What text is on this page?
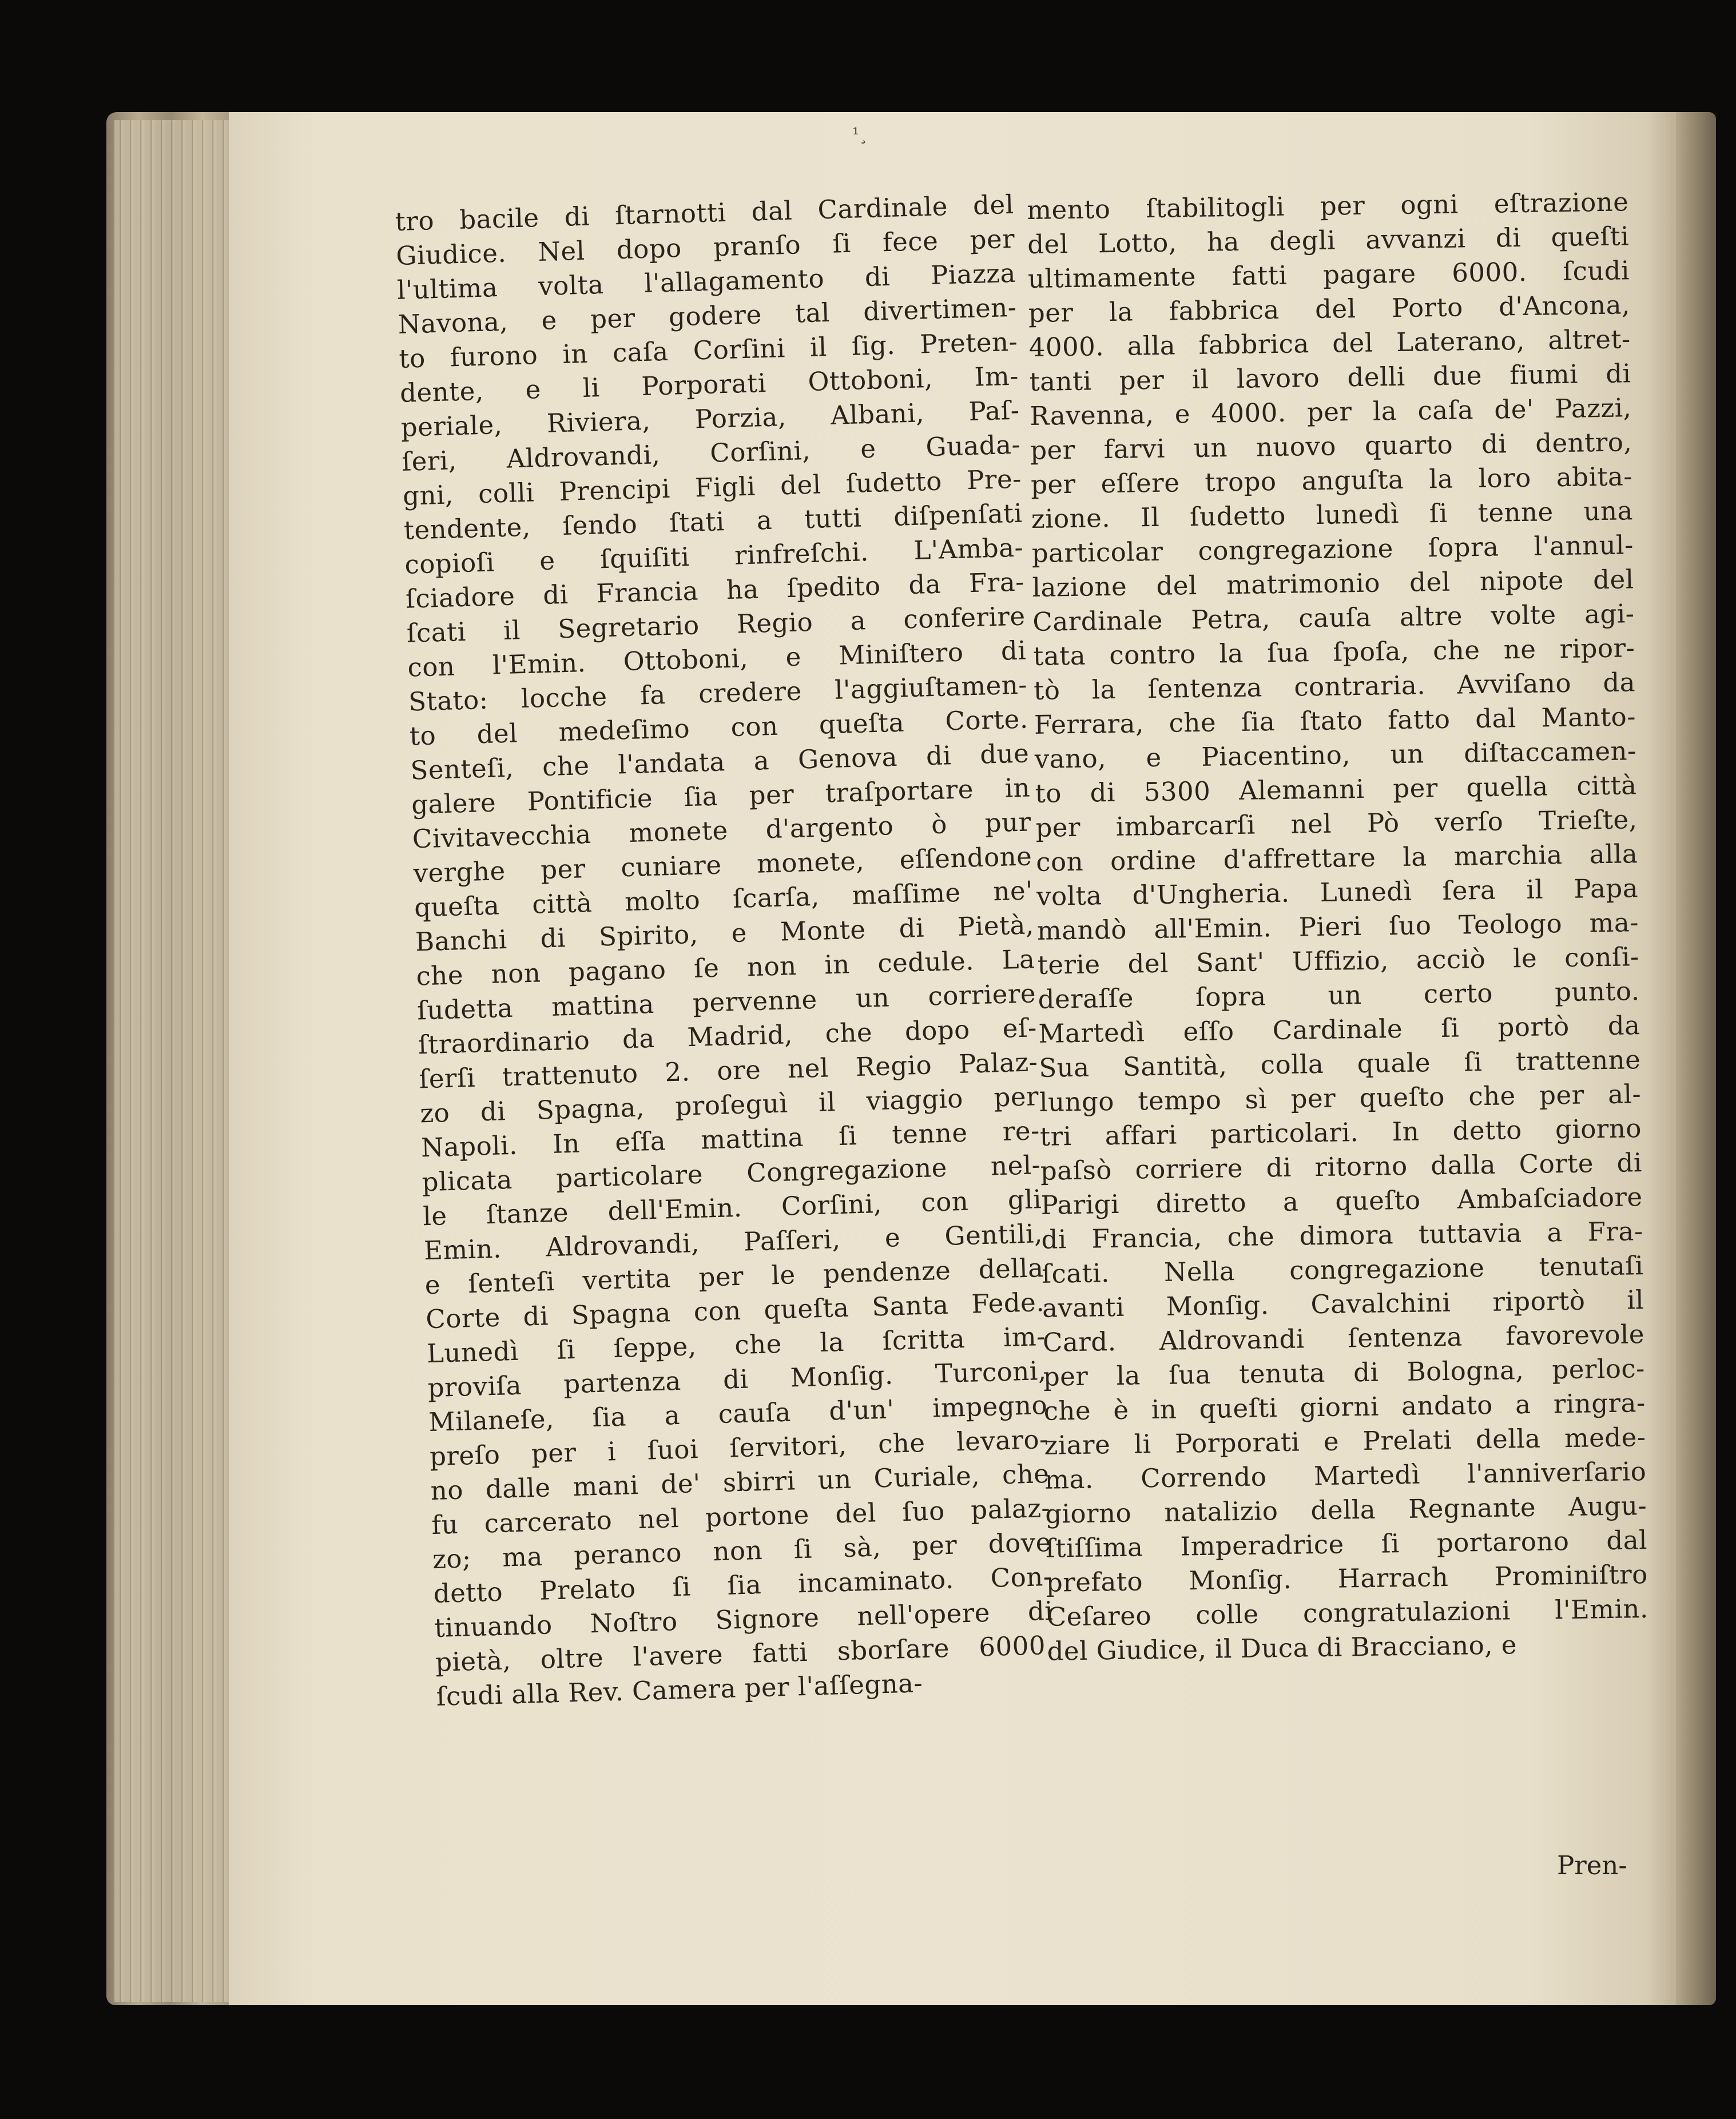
¹¸
tro bacile di ſtarnotti dal Cardinale del
Giudice. Nel dopo pranſo ſi fece per
l'ultima volta l'allagamento di Piazza
Navona, e per godere tal divertimen-
to furono in caſa Corſini il ſig. Preten-
dente, e li Porporati Ottoboni, Im-
periale, Riviera, Porzia, Albani, Paſ-
ſeri, Aldrovandi, Corſini, e Guada-
gni, colli Prencipi Figli del ſudetto Pre-
tendente, ſendo ſtati a tutti diſpenſati
copioſi e ſquiſiti rinfreſchi. L'Amba-
ſciadore di Francia ha ſpedito da Fra-
ſcati il Segretario Regio a conferire
con l'Emin. Ottoboni, e Miniſtero di
Stato: locche fa credere l'aggiuſtamen-
to del medeſimo con queſta Corte.
Senteſi, che l'andata a Genova di due
galere Pontificie ſia per traſportare in
Civitavecchia monete d'argento ò pur
verghe per cuniare monete, eſſendone
queſta città molto ſcarſa, maſſime ne'
Banchi di Spirito, e Monte di Pietà,
che non pagano ſe non in cedule. La
ſudetta mattina pervenne un corriere
ſtraordinario da Madrid, che dopo eſ-
ſerſi trattenuto 2. ore nel Regio Palaz-
zo di Spagna, proſeguì il viaggio per
Napoli. In eſſa mattina ſi tenne re-
plicata particolare Congregazione nel-
le ſtanze dell'Emin. Corſini, con gli
Emin. Aldrovandi, Paſſeri, e Gentili,
e ſenteſi vertita per le pendenze della
Corte di Spagna con queſta Santa Fede.
Lunedì ſi ſeppe, che la ſcritta im-
proviſa partenza di Monſig. Turconi,
Milaneſe, ſia a cauſa d'un' impegno
preſo per i ſuoi ſervitori, che levaro-
no dalle mani de' sbirri un Curiale, che
fu carcerato nel portone del ſuo palaz-
zo; ma peranco non ſi sà, per dove
detto Prelato ſi ſia incaminato. Con-
tinuando Noſtro Signore nell'opere di
pietà, oltre l'avere fatti sborſare 6000.
ſcudi alla Rev. Camera per l'aſſegna-
mento ſtabilitogli per ogni eſtrazione
del Lotto, ha degli avvanzi di queſti
ultimamente fatti pagare 6000. ſcudi
per la fabbrica del Porto d'Ancona,
4000. alla fabbrica del Laterano, altret-
tanti per il lavoro delli due fiumi di
Ravenna, e 4000. per la caſa de' Pazzi,
per farvi un nuovo quarto di dentro,
per eſſere tropo anguſta la loro abita-
zione. Il ſudetto lunedì ſi tenne una
particolar congregazione ſopra l'annul-
lazione del matrimonio del nipote del
Cardinale Petra, cauſa altre volte agi-
tata contro la ſua ſpoſa, che ne ripor-
tò la ſentenza contraria. Avviſano da
Ferrara, che ſia ſtato fatto dal Manto-
vano, e Piacentino, un diſtaccamen-
to di 5300 Alemanni per quella città
per imbarcarſi nel Pò verſo Trieſte,
con ordine d'affrettare la marchia alla
volta d'Ungheria. Lunedì ſera il Papa
mandò all'Emin. Pieri ſuo Teologo ma-
terie del Sant' Uffizio, acciò le conſi-
deraſſe ſopra un certo punto.
Martedì eſſo Cardinale ſi portò da
Sua Santità, colla quale ſi trattenne
lungo tempo sì per queſto che per al-
tri affari particolari. In detto giorno
paſsò corriere di ritorno dalla Corte di
Parigi diretto a queſto Ambaſciadore
di Francia, che dimora tuttavia a Fra-
ſcati. Nella congregazione tenutaſi
avanti Monſig. Cavalchini riportò il
Card. Aldrovandi ſentenza favorevole
per la ſua tenuta di Bologna, perloc-
che è in queſti giorni andato a ringra-
ziare li Porporati e Prelati della mede-
ma. Correndo Martedì l'anniverſario
giorno natalizio della Regnante Augu-
ſtiſſima Imperadrice ſi portarono dal
prefato Monſig. Harrach Prominiſtro
Ceſareo colle congratulazioni l'Emin.
del Giudice, il Duca di Bracciano, e
Pren-
